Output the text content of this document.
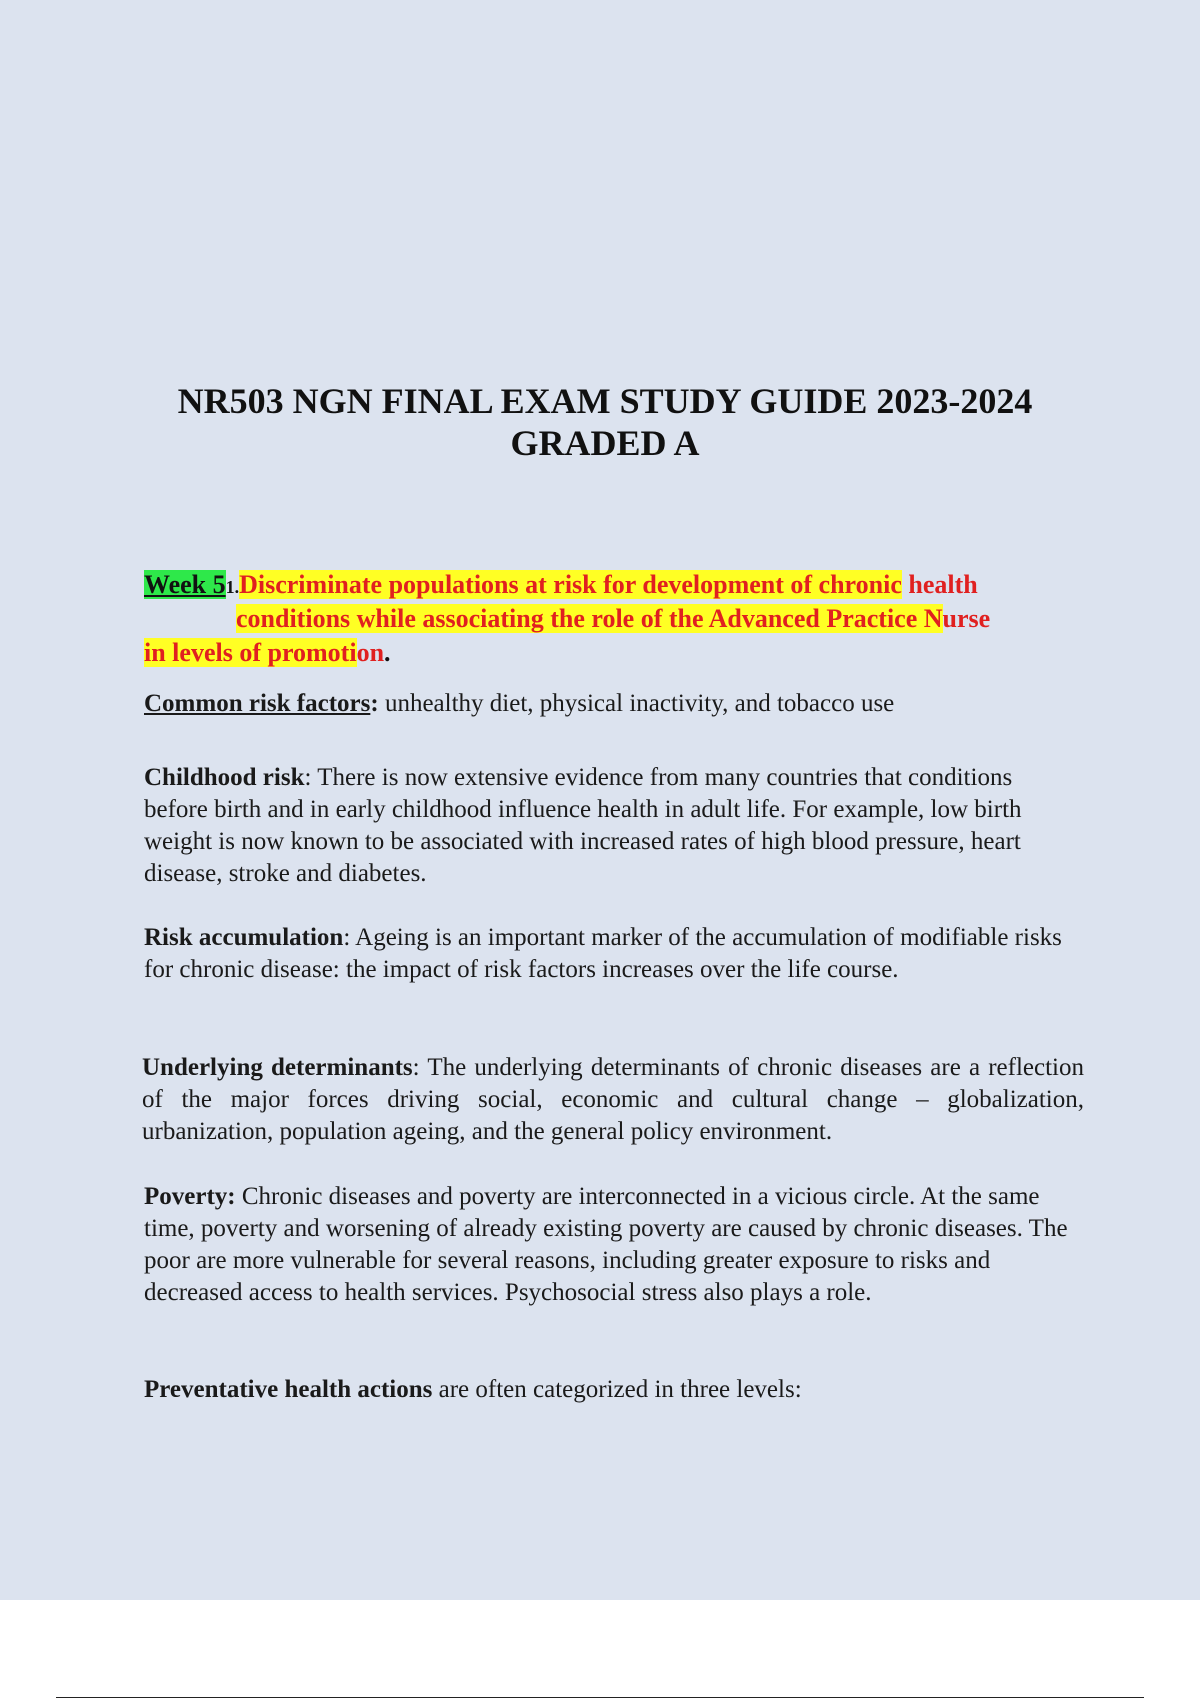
NR503 NGN FINAL EXAM STUDY GUIDE 2023-2024
GRADED A
Week 51.Discriminate populations at risk for development of chronic health
conditions while associating the role of the Advanced Practice Nurse
in levels of promotion.

Common risk factors: unhealthy diet, physical inactivity, and tobacco use

Childhood risk: There is now extensive evidence from many countries that conditions before birth and in early childhood influence health in adult life. For example, low birth weight is now known to be associated with increased rates of high blood pressure, heart disease, stroke and diabetes.

Risk accumulation: Ageing is an important marker of the accumulation of modifiable risks for chronic disease: the impact of risk factors increases over the life course.

Underlying determinants: The underlying determinants of chronic diseases are a reflection of the major forces driving social, economic and cultural change – globalization, urbanization, population ageing, and the general policy environment.

Poverty: Chronic diseases and poverty are interconnected in a vicious circle. At the same time, poverty and worsening of already existing poverty are caused by chronic diseases. The poor are more vulnerable for several reasons, including greater exposure to risks and decreased access to health services. Psychosocial stress also plays a role.

Preventative health actions are often categorized in three levels:
